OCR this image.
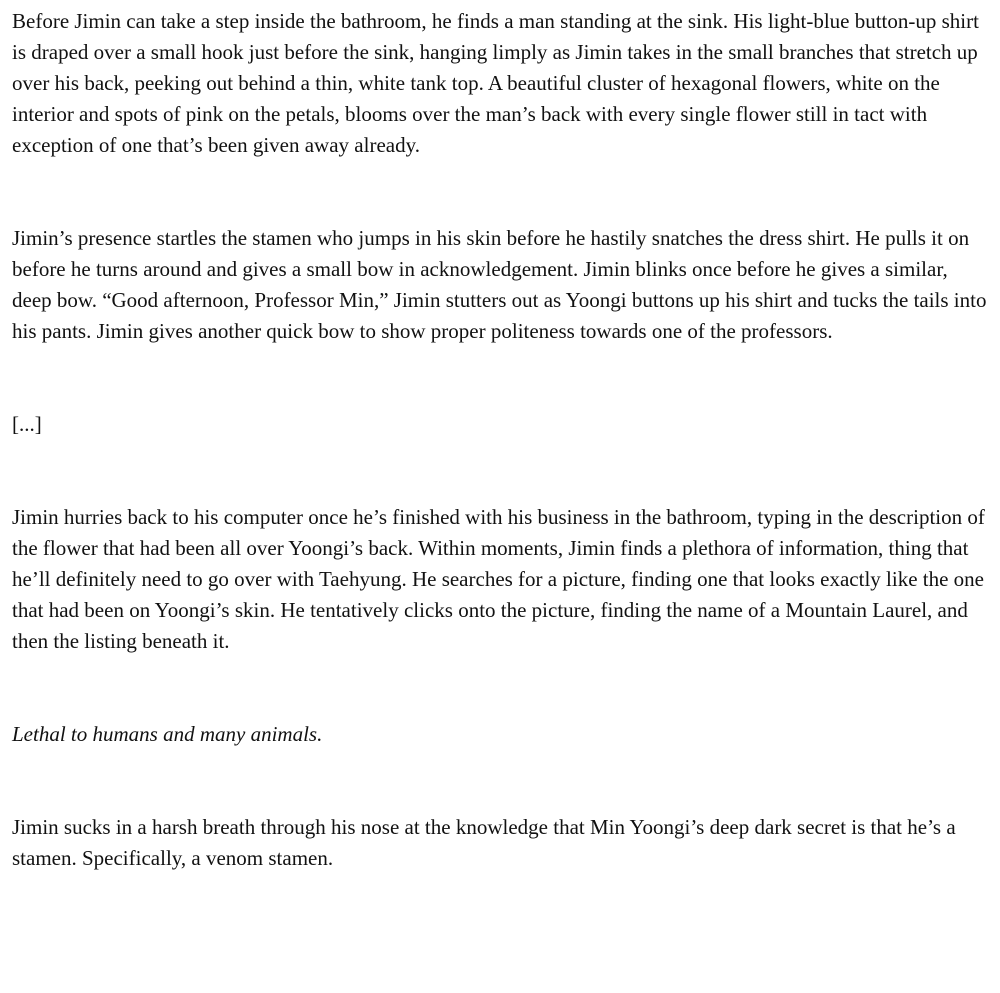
Before Jimin can take a step inside the bathroom, he finds a man standing at the sink. His light-blue button-up shirt is draped over a small hook just before the sink, hanging limply as Jimin takes in the small branches that stretch up over his back, peeking out behind a thin, white tank top. A beautiful cluster of hexagonal flowers, white on the interior and spots of pink on the petals, blooms over the man’s back with every single flower still in tact with exception of one that’s been given away already.

Jimin’s presence startles the stamen who jumps in his skin before he hastily snatches the dress shirt. He pulls it on before he turns around and gives a small bow in acknowledgement. Jimin blinks once before he gives a similar, deep bow. “Good afternoon, Professor Min,” Jimin stutters out as Yoongi buttons up his shirt and tucks the tails into his pants. Jimin gives another quick bow to show proper politeness towards one of the professors.

[...]

Jimin hurries back to his computer once he’s finished with his business in the bathroom, typing in the description of the flower that had been all over Yoongi’s back. Within moments, Jimin finds a plethora of information, thing that he’ll definitely need to go over with Taehyung. He searches for a picture, finding one that looks exactly like the one that had been on Yoongi’s skin. He tentatively clicks onto the picture, finding the name of a Mountain Laurel, and then the listing beneath it.

Lethal to humans and many animals.

Jimin sucks in a harsh breath through his nose at the knowledge that Min Yoongi’s deep dark secret is that he’s a stamen. Specifically, a venom stamen.
